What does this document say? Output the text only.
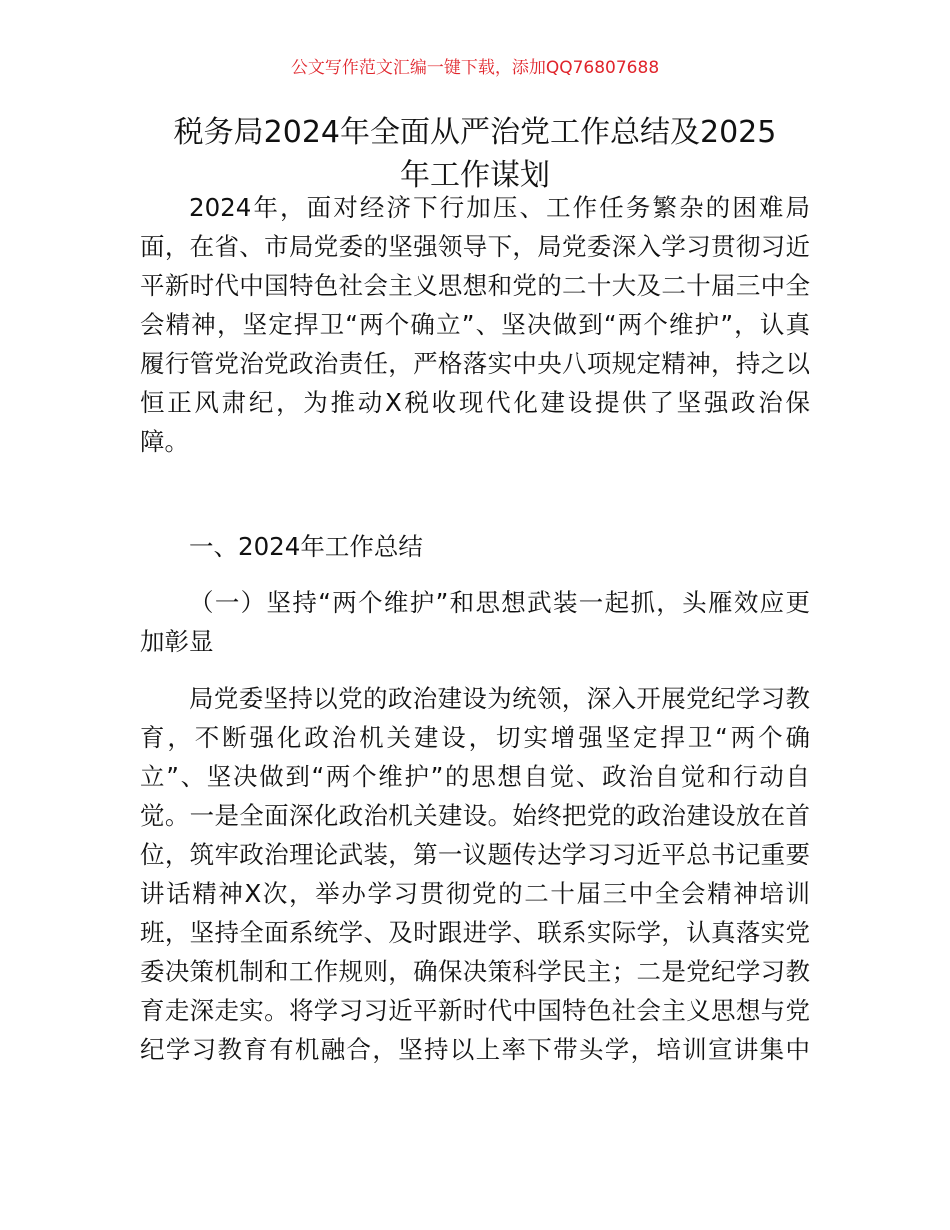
公文写作范文汇编一键下载，添加QQ76807688
税务局2024年全面从严治党工作总结及2025
年工作谋划
2024年，面对经济下行加压、工作任务繁杂的困难局
面，在省、市局党委的坚强领导下，局党委深入学习贯彻习近
平新时代中国特色社会主义思想和党的二十大及二十届三中全
会精神，坚定捍卫“两个确立”、坚决做到“两个维护”，认真
履行管党治党政治责任，严格落实中央八项规定精神，持之以
恒正风肃纪，为推动X税收现代化建设提供了坚强政治保
障。
一、2024年工作总结
（一）坚持“两个维护”和思想武装一起抓，头雁效应更
加彰显
局党委坚持以党的政治建设为统领，深入开展党纪学习教
育，不断强化政治机关建设，切实增强坚定捍卫“两个确
立”、坚决做到“两个维护”的思想自觉、政治自觉和行动自
觉。一是全面深化政治机关建设。始终把党的政治建设放在首
位，筑牢政治理论武装，第一议题传达学习习近平总书记重要
讲话精神X次，举办学习贯彻党的二十届三中全会精神培训
班，坚持全面系统学、及时跟进学、联系实际学，认真落实党
委决策机制和工作规则，确保决策科学民主；二是党纪学习教
育走深走实。将学习习近平新时代中国特色社会主义思想与党
纪学习教育有机融合，坚持以上率下带头学，培训宣讲集中
